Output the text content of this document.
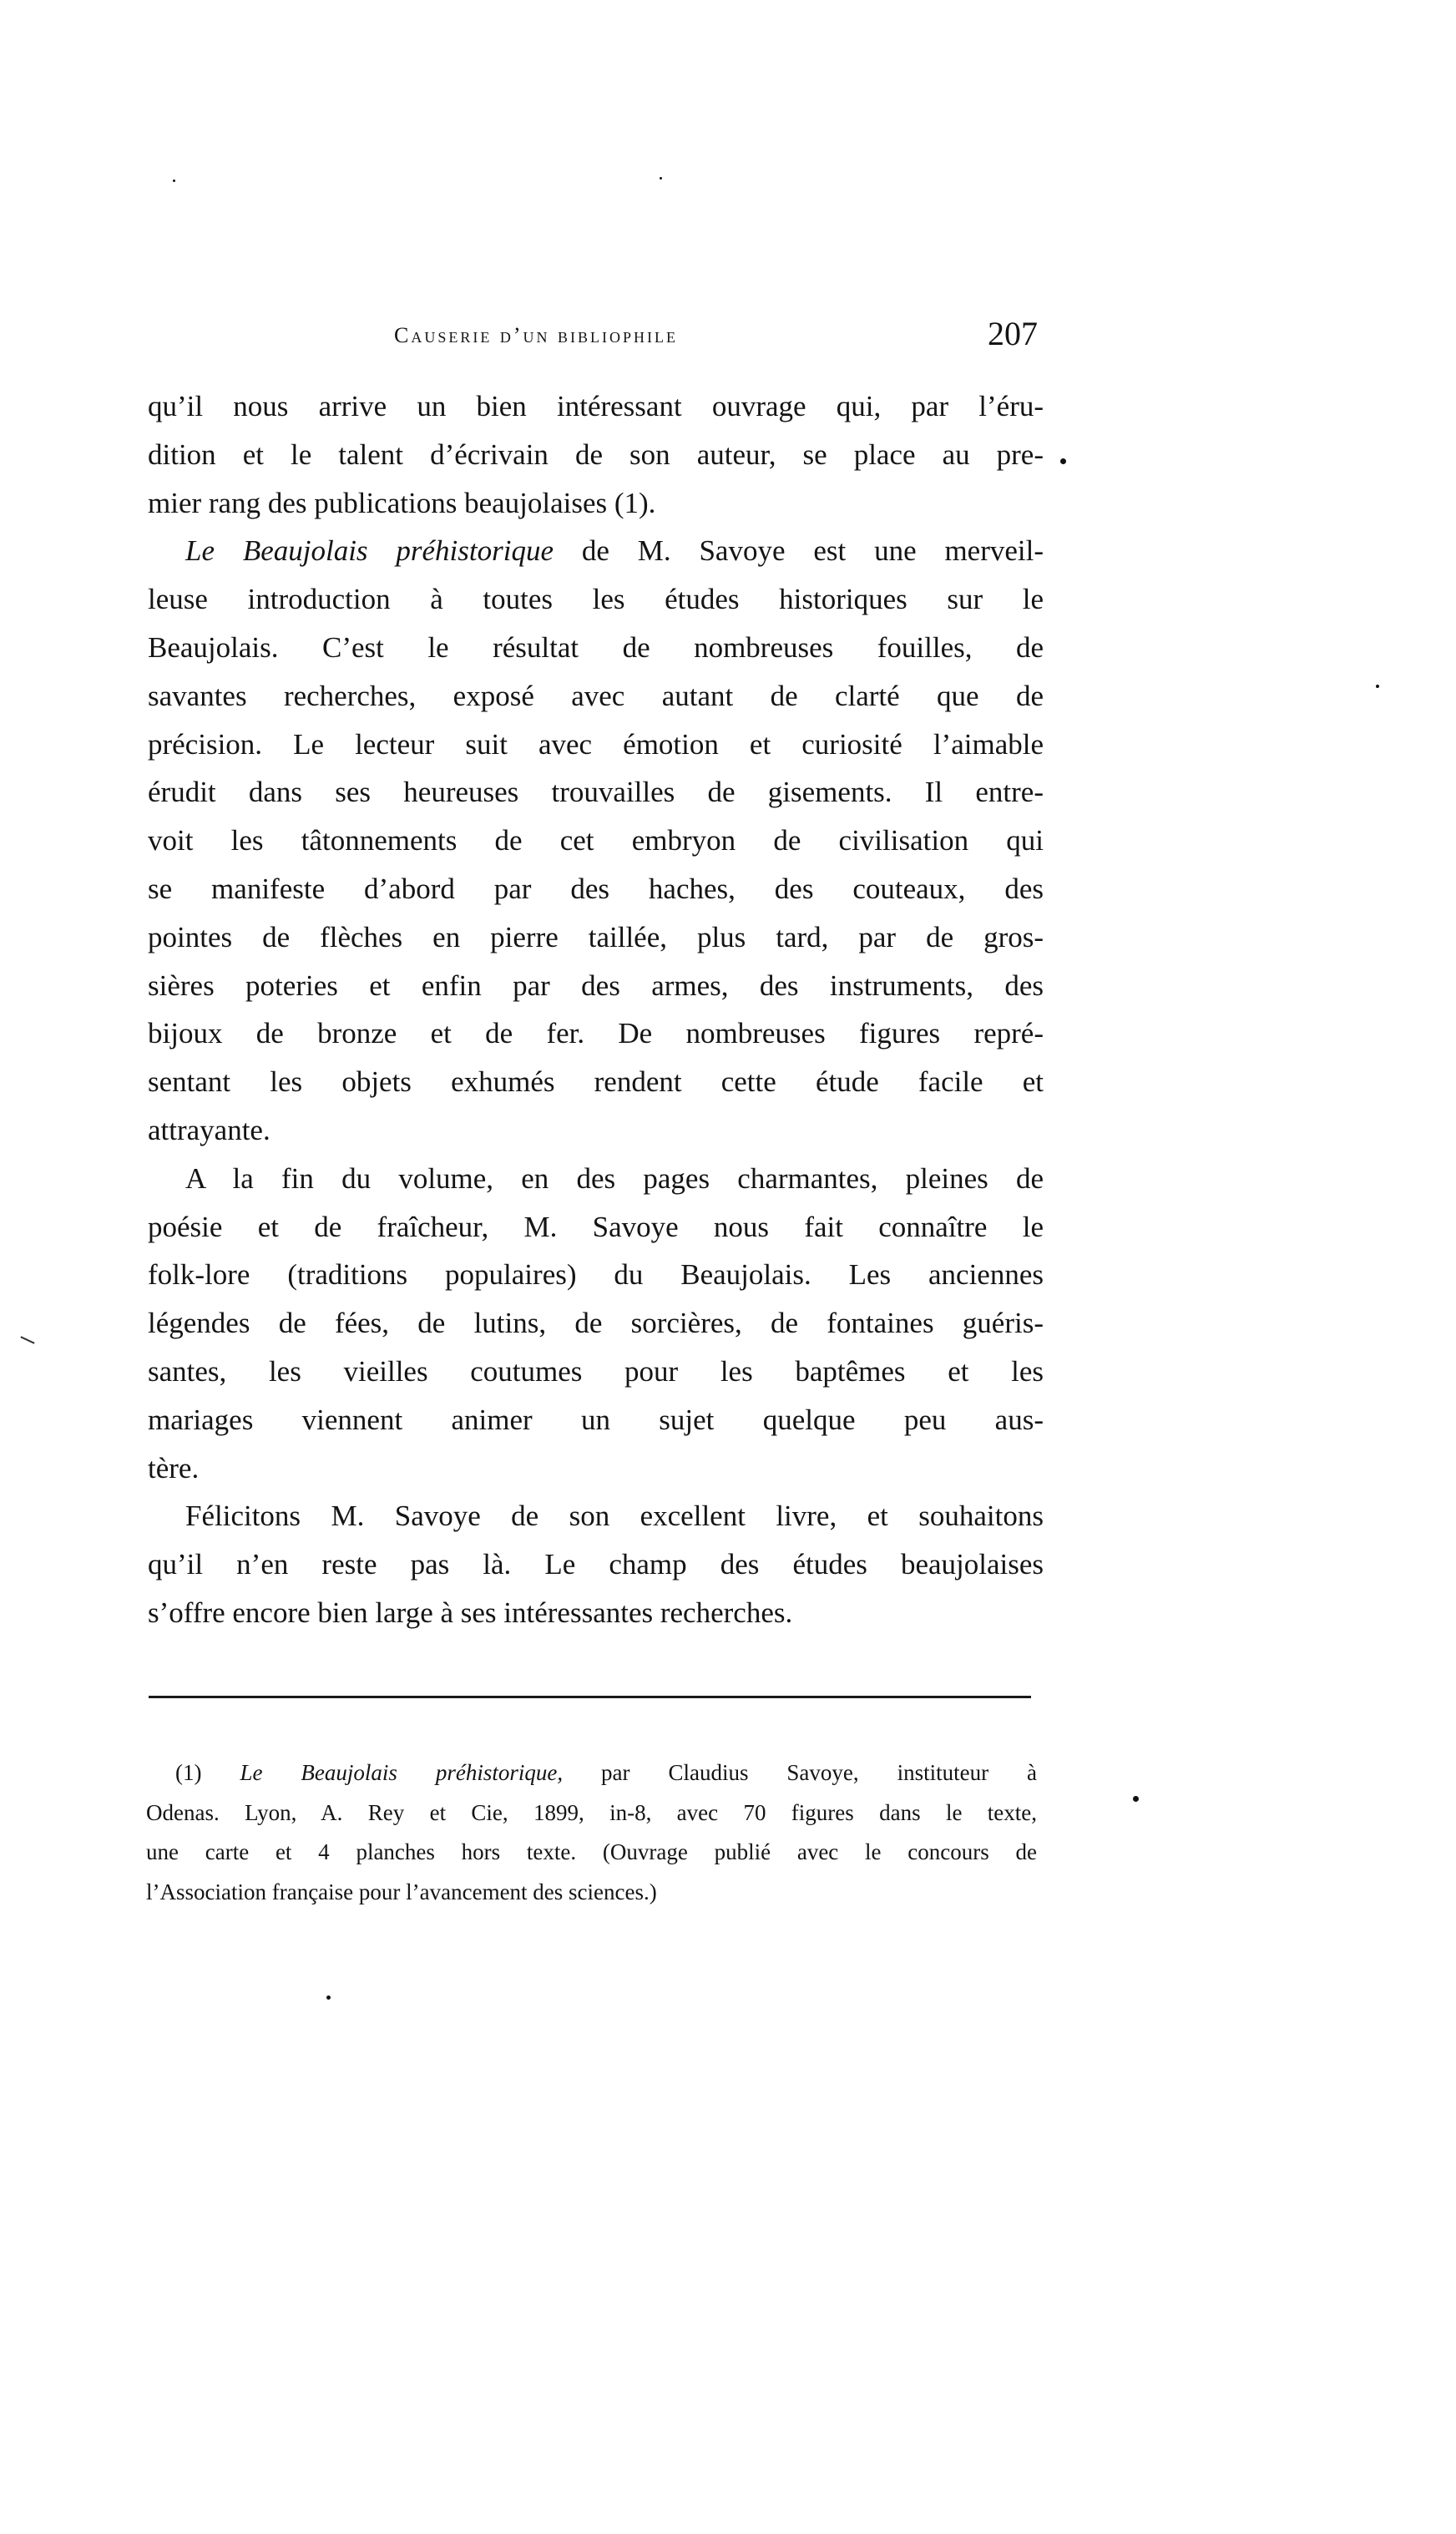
Causerie d’un bibliophile	207
qu’il nous arrive un bien intéressant ouvrage qui, par l’éru-
dition et le talent d’écrivain de son auteur, se place au pre-
mier rang des publications beaujolaises (1).
Le Beaujolais préhistorique de M. Savoye est une merveil-
leuse introduction à toutes les études historiques sur le
Beaujolais. C’est le résultat de nombreuses fouilles, de
savantes recherches, exposé avec autant de clarté que de
précision. Le lecteur suit avec émotion et curiosité l’aimable
érudit dans ses heureuses trouvailles de gisements. Il entre-
voit les tâtonnements de cet embryon de civilisation qui
se manifeste d’abord par des haches, des couteaux, des
pointes de flèches en pierre taillée, plus tard, par de gros-
sières poteries et enfin par des armes, des instruments, des
bijoux de bronze et de fer. De nombreuses figures repré-
sentant les objets exhumés rendent cette étude facile et
attrayante.
A la fin du volume, en des pages charmantes, pleines de
poésie et de fraîcheur, M. Savoye nous fait connaître le
folk-lore (traditions populaires) du Beaujolais. Les anciennes
légendes de fées, de lutins, de sorcières, de fontaines guéris-
santes, les vieilles coutumes pour les baptêmes et les
mariages viennent animer un sujet quelque peu aus-
tère.
Félicitons M. Savoye de son excellent livre, et souhaitons
qu’il n’en reste pas là. Le champ des études beaujolaises
s’offre encore bien large à ses intéressantes recherches.
(1) Le Beaujolais préhistorique, par Claudius Savoye, instituteur à
Odenas. Lyon, A. Rey et Cie, 1899, in-8, avec 70 figures dans le texte,
une carte et 4 planches hors texte. (Ouvrage publié avec le concours de
l’Association française pour l’avancement des sciences.)
